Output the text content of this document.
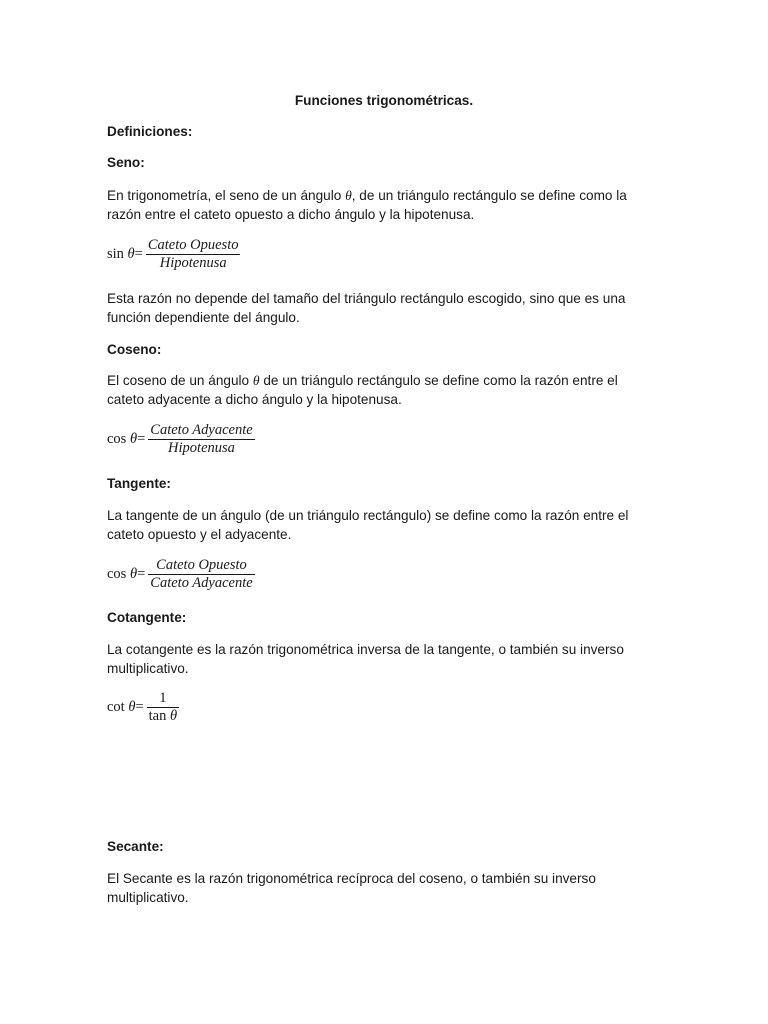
Funciones trigonométricas.
Definiciones:
Seno:
En trigonometría, el seno de un ángulo θ, de un triángulo rectángulo se define como la razón entre el cateto opuesto a dicho ángulo y la hipotenusa.
$\sin \theta= \frac{\text{Cateto Opuesto}}{\text{Hipotenusa}}$
Esta razón no depende del tamaño del triángulo rectángulo escogido, sino que es una función dependiente del ángulo.
Coseno:
El coseno de un ángulo θ de un triángulo rectángulo se define como la razón entre el cateto adyacente a dicho ángulo y la hipotenusa.
$\cos \theta= \frac{\text{Cateto Adyacente}}{\text{Hipotenusa}}$
Tangente:
La tangente de un ángulo (de un triángulo rectángulo) se define como la razón entre el cateto opuesto y el adyacente.
$\cos \theta= \frac{\text{Cateto Opuesto}}{\text{Cateto Adyacente}}$
Cotangente:
La cotangente es la razón trigonométrica inversa de la tangente, o también su inverso multiplicativo.
$\cot \theta= \frac{1}{\text{tan θ}}$
Secante:
El Secante es la razón trigonométrica recíproca del coseno, o también su inverso multiplicativo.
